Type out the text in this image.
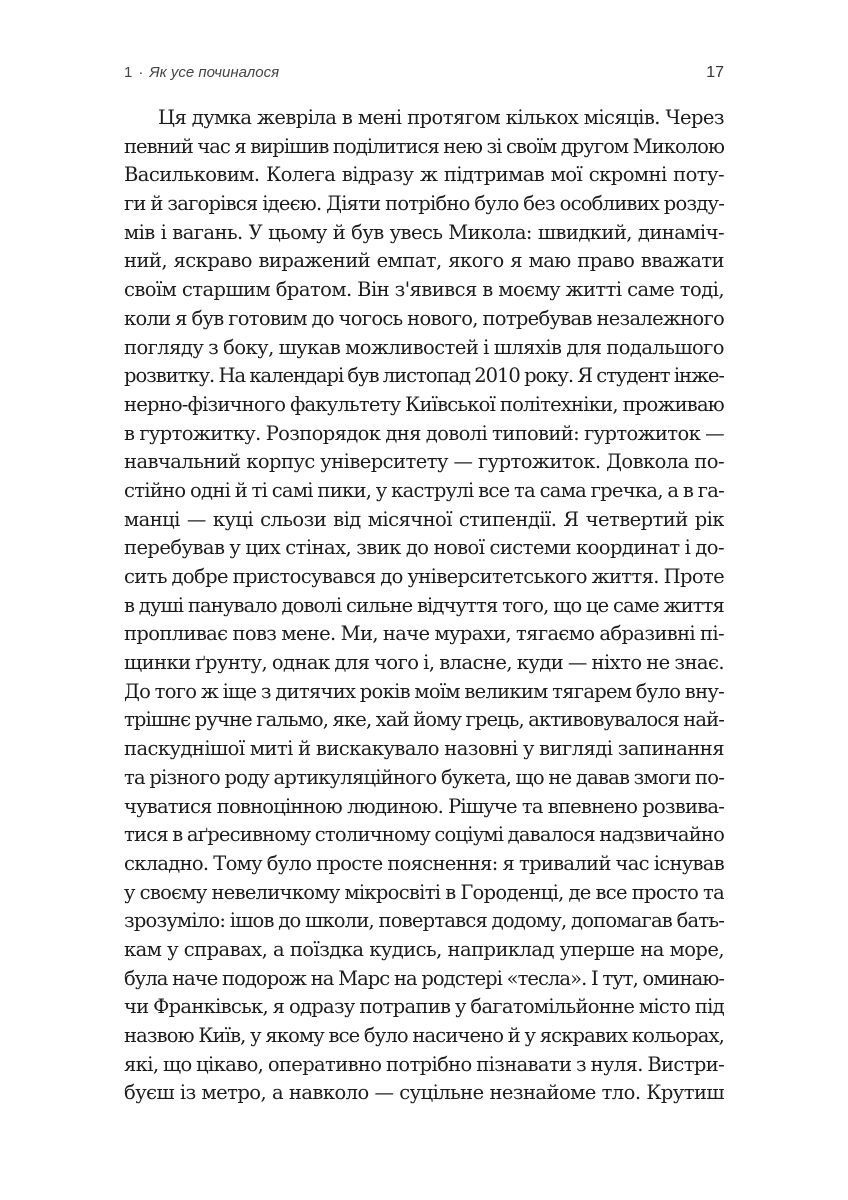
1 · Як усе починалося	17
Ця думка жевріла в мені протягом кількох місяців. Через
певний час я вирішив поділитися нею зі своїм другом Миколою
Васильковим. Колега відразу ж підтримав мої скромні поту-
ги й загорівся ідеєю. Діяти потрібно було без особливих розду-
мів і вагань. У цьому й був увесь Микола: швидкий, динаміч-
ний, яскраво виражений емпат, якого я маю право вважати
своїм старшим братом. Він з'явився в моєму житті саме тоді,
коли я був готовим до чогось нового, потребував незалежного
погляду з боку, шукав можливостей і шляхів для подальшого
розвитку. На календарі був листопад 2010 року. Я студент інже-
нерно-фізичного факультету Київської політехніки, проживаю
в гуртожитку. Розпорядок дня доволі типовий: гуртожиток —
навчальний корпус університету — гуртожиток. Довкола по-
стійно одні й ті самі пики, у каструлі все та сама гречка, а в га-
манці — куці сльози від місячної стипендії. Я четвертий рік
перебував у цих стінах, звик до нової системи координат і до-
сить добре пристосувався до університетського життя. Проте
в душі панувало доволі сильне відчуття того, що це саме життя
пропливає повз мене. Ми, наче мурахи, тягаємо абразивні пі-
щинки ґрунту, однак для чого і, власне, куди — ніхто не знає.
До того ж іще з дитячих років моїм великим тягарем було вну-
трішнє ручне гальмо, яке, хай йому грець, активовувалося най-
паскуднішої миті й вискакувало назовні у вигляді запинання
та різного роду артикуляційного букета, що не давав змоги по-
чуватися повноцінною людиною. Рішуче та впевнено розвива-
тися в аґресивному столичному соціумі давалося надзвичайно
складно. Тому було просте пояснення: я тривалий час існував
у своєму невеличкому мікросвіті в Городенці, де все просто та
зрозуміло: ішов до школи, повертався додому, допомагав бать-
кам у справах, а поїздка кудись, наприклад уперше на море,
була наче подорож на Марс на родстері «тесла». І тут, оминаю-
чи Франківськ, я одразу потрапив у багатомільйонне місто під
назвою Київ, у якому все було насичено й у яскравих кольорах,
які, що цікаво, оперативно потрібно пізнавати з нуля. Вистри-
буєш із метро, а навколо — суцільне незнайоме тло. Крутиш
